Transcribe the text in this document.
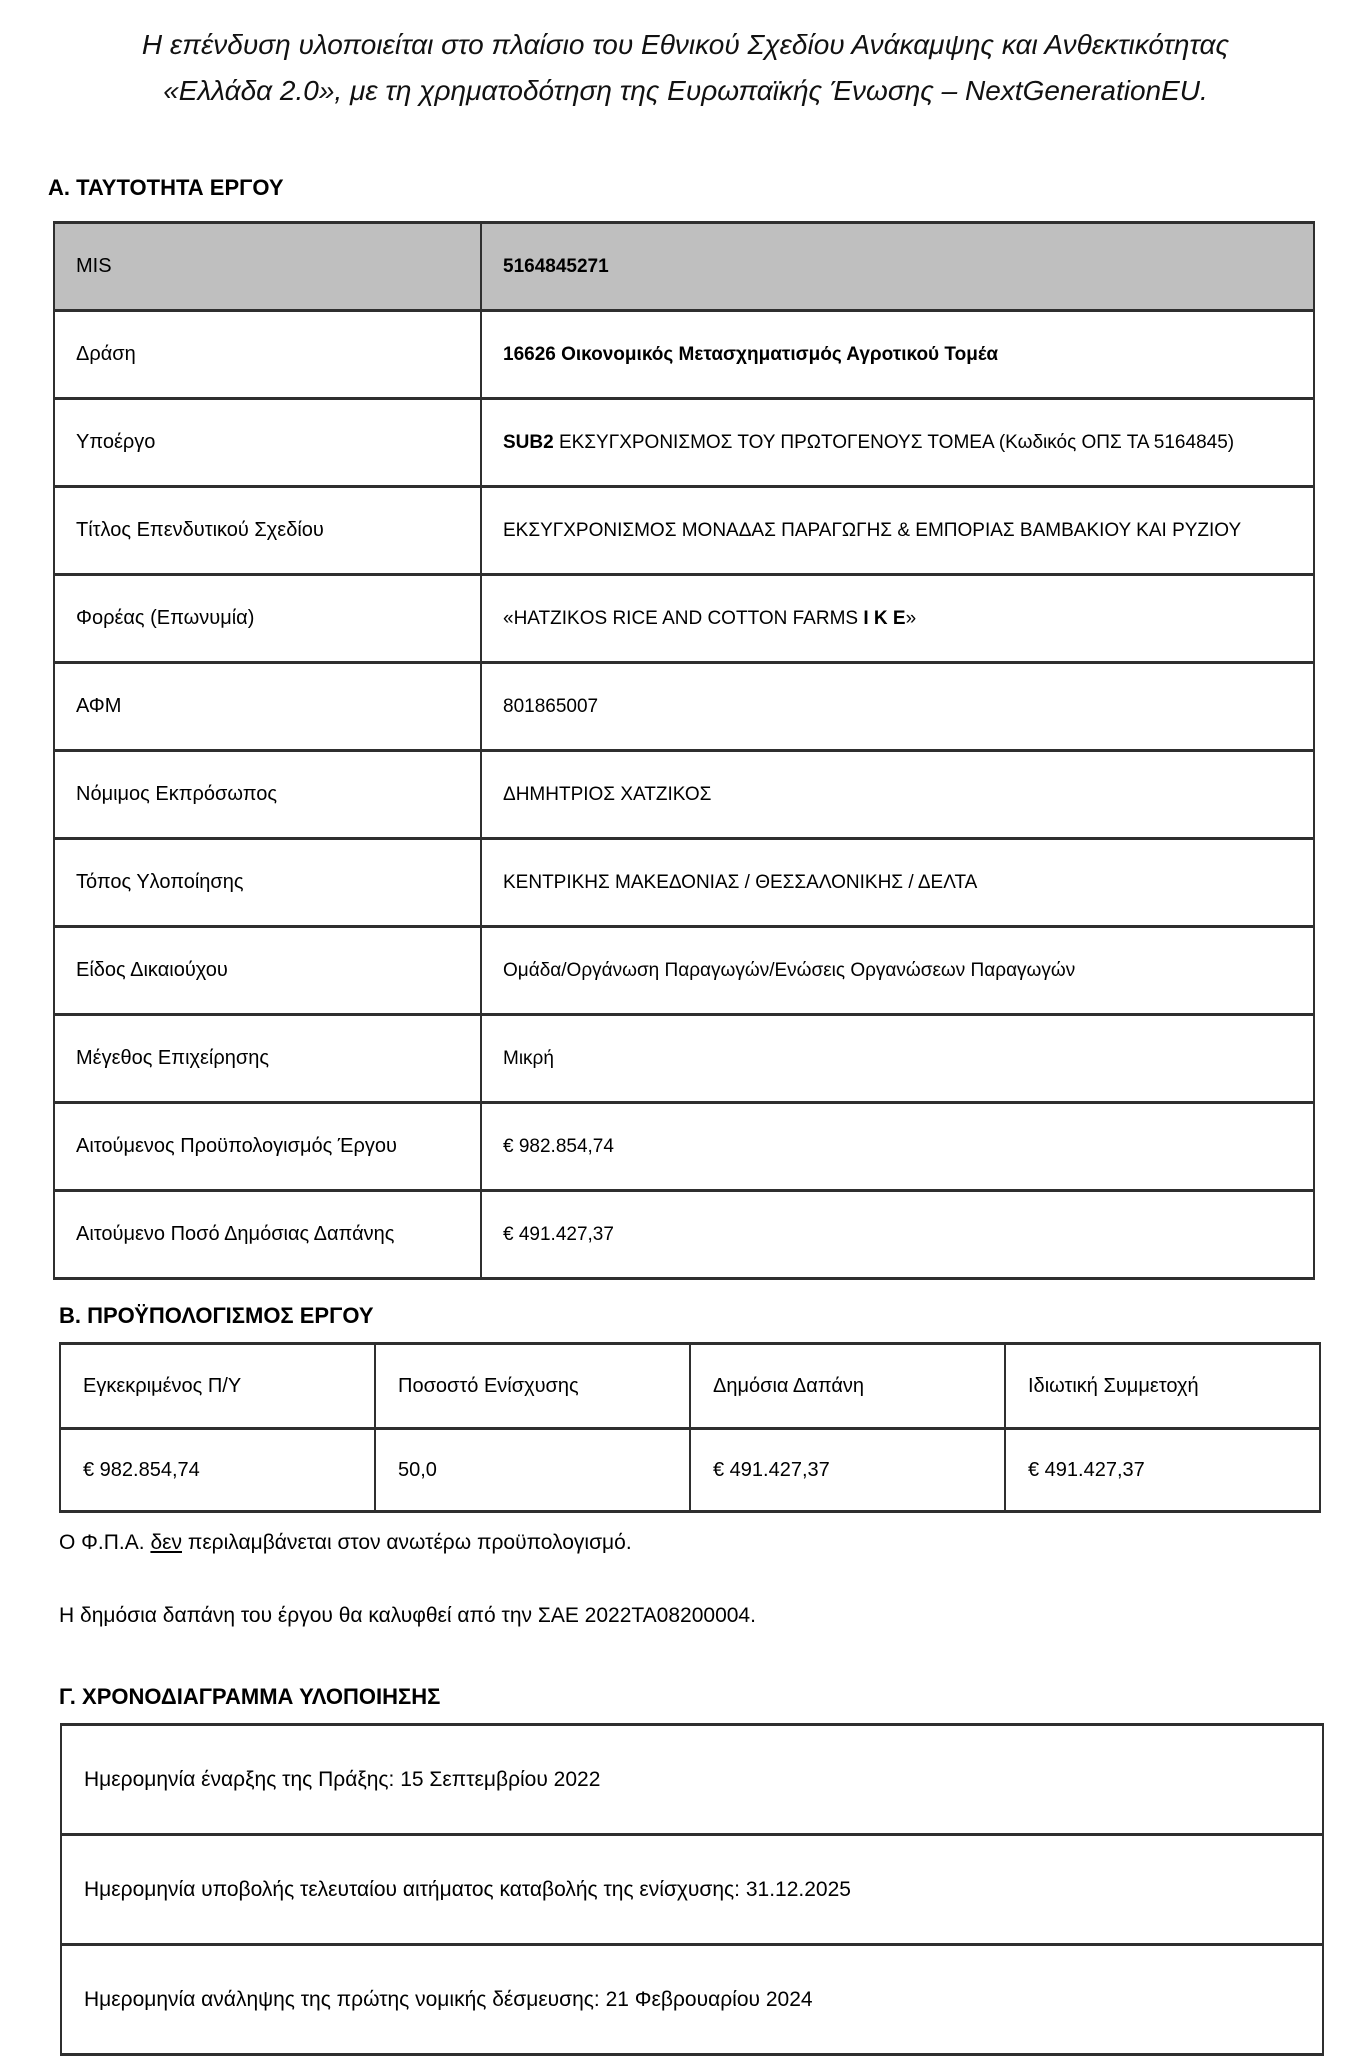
Η επένδυση υλοποιείται στο πλαίσιο του Εθνικού Σχεδίου Ανάκαμψης και Ανθεκτικότητας
«Ελλάδα 2.0», με τη χρηματοδότηση της Ευρωπαϊκής Ένωσης – NextGenerationEU.
Α. ΤΑΥΤΟΤΗΤΑ ΕΡΓΟΥ
MIS	5164845271
Δράση	16626 Οικονομικός Μετασχηματισμός Αγροτικού Τομέα
Υποέργο	SUB2 ΕΚΣΥΓΧΡΟΝΙΣΜΟΣ ΤΟΥ ΠΡΩΤΟΓΕΝΟΥΣ ΤΟΜΕΑ (Κωδικός ΟΠΣ ΤΑ 5164845)
Τίτλος Επενδυτικού Σχεδίου	ΕΚΣΥΓΧΡΟΝΙΣΜΟΣ ΜΟΝΑΔΑΣ ΠΑΡΑΓΩΓΗΣ & ΕΜΠΟΡΙΑΣ ΒΑΜΒΑΚΙΟΥ ΚΑΙ ΡΥΖΙΟΥ
Φορέας (Επωνυμία)	«HATZIKOS RICE AND COTTON FARMS Ι Κ Ε»
ΑΦΜ	801865007
Νόμιμος Εκπρόσωπος	ΔΗΜΗΤΡΙΟΣ ΧΑΤΖΙΚΟΣ
Τόπος Υλοποίησης	ΚΕΝΤΡΙΚΗΣ ΜΑΚΕΔΟΝΙΑΣ / ΘΕΣΣΑΛΟΝΙΚΗΣ / ΔΕΛΤΑ
Είδος Δικαιούχου	Ομάδα/Οργάνωση Παραγωγών/Ενώσεις Οργανώσεων Παραγωγών
Μέγεθος Επιχείρησης	Μικρή
Αιτούμενος Προϋπολογισμός Έργου	€ 982.854,74
Αιτούμενο Ποσό Δημόσιας Δαπάνης	€ 491.427,37
Β. ΠΡΟΫΠΟΛΟΓΙΣΜΟΣ ΕΡΓΟΥ
Εγκεκριμένος Π/Υ	Ποσοστό Ενίσχυσης	Δημόσια Δαπάνη	Ιδιωτική Συμμετοχή
€ 982.854,74	50,0	€ 491.427,37	€ 491.427,37

Ο Φ.Π.Α. δεν περιλαμβάνεται στον ανωτέρω προϋπολογισμό.

Η δημόσια δαπάνη του έργου θα καλυφθεί από την ΣΑΕ 2022ΤΑ08200004.

Γ. ΧΡΟΝΟΔΙΑΓΡΑΜΜΑ ΥΛΟΠΟΙΗΣΗΣ
Ημερομηνία έναρξης της Πράξης: 15 Σεπτεμβρίου 2022
Ημερομηνία υποβολής τελευταίου αιτήματος καταβολής της ενίσχυσης: 31.12.2025
Ημερομηνία ανάληψης της πρώτης νομικής δέσμευσης: 21 Φεβρουαρίου 2024
